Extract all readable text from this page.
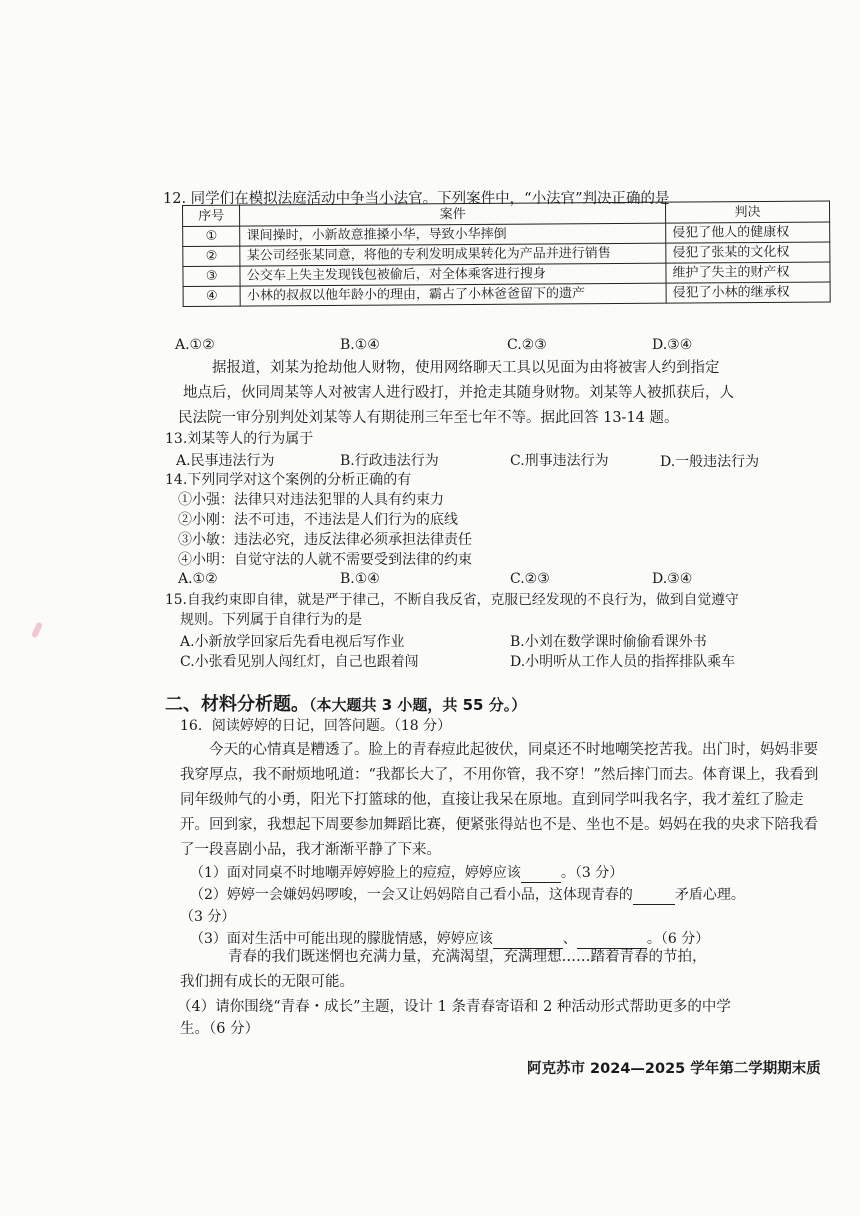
12. 同学们在模拟法庭活动中争当小法官。下列案件中，“小法官”判决正确的是
序号	案件	判决
①	课间操时，小新故意推搡小华，导致小华摔倒	侵犯了他人的健康权
②	某公司经张某同意，将他的专利发明成果转化为产品并进行销售	侵犯了张某的文化权
③	公交车上失主发现钱包被偷后，对全体乘客进行搜身	维护了失主的财产权
④	小林的叔叔以他年龄小的理由，霸占了小林爸爸留下的遗产	侵犯了小林的继承权
A.①②	B.①④	C.②③	D.③④
据报道，刘某为抢劫他人财物，使用网络聊天工具以见面为由将被害人约到指定
地点后，伙同周某等人对被害人进行殴打，并抢走其随身财物。刘某等人被抓获后，人
民法院一审分别判处刘某等人有期徒刑三年至七年不等。据此回答 13-14 题。
13.刘某等人的行为属于
A.民事违法行为	B.行政违法行为	C.刑事违法行为	D.一般违法行为
14.下列同学对这个案例的分析正确的有
①小强：法律只对违法犯罪的人具有约束力
②小刚：法不可违，不违法是人们行为的底线
③小敏：违法必究，违反法律必须承担法律责任
④小明：自觉守法的人就不需要受到法律的约束
A.①②	B.①④	C.②③	D.③④
15.自我约束即自律，就是严于律己，不断自我反省，克服已经发现的不良行为，做到自觉遵守
规则。下列属于自律行为的是
A.小新放学回家后先看电视后写作业	B.小刘在数学课时偷偷看课外书
C.小张看见别人闯红灯，自己也跟着闯	D.小明听从工作人员的指挥排队乘车
二、材料分析题。（本大题共 3 小题，共 55 分。）
16．阅读婷婷的日记，回答问题。（18 分）
今天的心情真是糟透了。脸上的青春痘此起彼伏，同桌还不时地嘲笑挖苦我。出门时，妈妈非要我穿厚点，我不耐烦地吼道：“我都长大了，不用你管，我不穿！”然后摔门而去。体育课上，我看到同年级帅气的小勇，阳光下打篮球的他，直接让我呆在原地。直到同学叫我名字，我才羞红了脸走开。回到家，我想起下周要参加舞蹈比赛，便紧张得站也不是、坐也不是。妈妈在我的央求下陪我看了一段喜剧小品，我才渐渐平静了下来。
（1）面对同桌不时地嘲弄婷婷脸上的痘痘，婷婷应该	。（3 分）
（2）婷婷一会嫌妈妈啰唆，一会又让妈妈陪自己看小品，这体现青春的	矛盾心理。
（3 分）
（3）面对生活中可能出现的朦胧情感，婷婷应该	、	。（6 分）
青春的我们既迷惘也充满力量，充满渴望，充满理想……踏着青春的节拍，
我们拥有成长的无限可能。
（4）请你围绕“青春・成长”主题，设计 1 条青春寄语和 2 种活动形式帮助更多的中学
生。（6 分）
阿克苏市 2024—2025 学年第二学期期末质
